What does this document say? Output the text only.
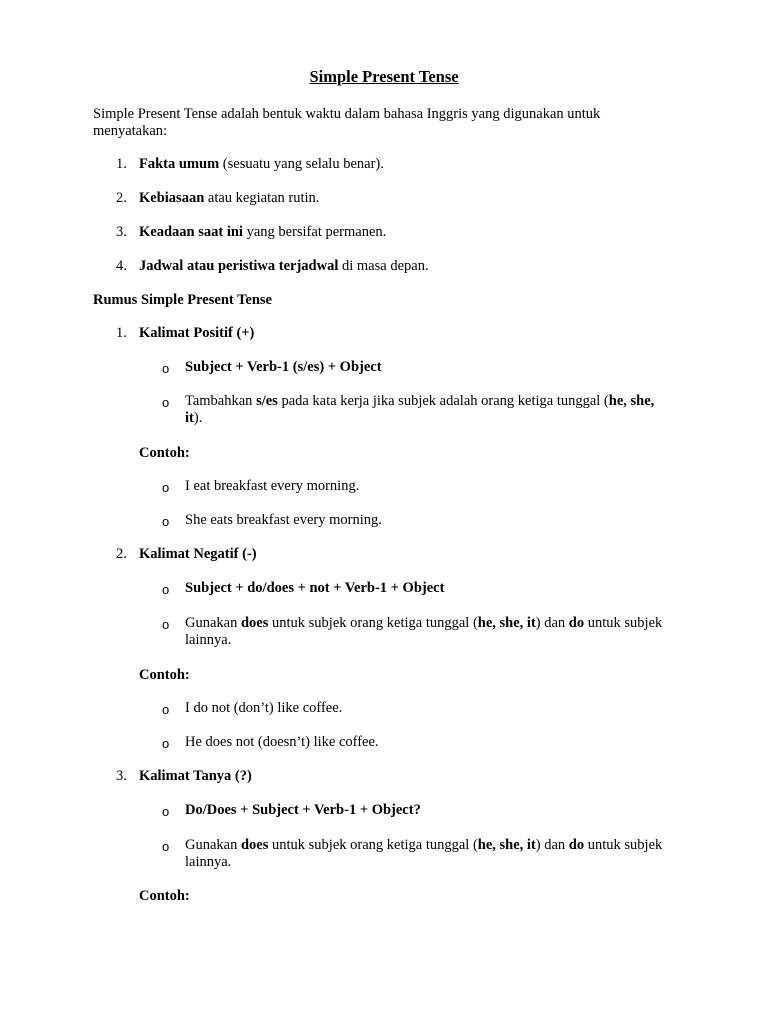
Simple Present Tense
Simple Present Tense adalah bentuk waktu dalam bahasa Inggris yang digunakan untuk menyatakan:
1. Fakta umum (sesuatu yang selalu benar).
2. Kebiasaan atau kegiatan rutin.
3. Keadaan saat ini yang bersifat permanen.
4. Jadwal atau peristiwa terjadwal di masa depan.
Rumus Simple Present Tense
1. Kalimat Positif (+)
o Subject + Verb-1 (s/es) + Object
o Tambahkan s/es pada kata kerja jika subjek adalah orang ketiga tunggal (he, she, it).
Contoh:
o I eat breakfast every morning.
o She eats breakfast every morning.
2. Kalimat Negatif (-)
o Subject + do/does + not + Verb-1 + Object
o Gunakan does untuk subjek orang ketiga tunggal (he, she, it) dan do untuk subjek lainnya.
Contoh:
o I do not (don’t) like coffee.
o He does not (doesn’t) like coffee.
3. Kalimat Tanya (?)
o Do/Does + Subject + Verb-1 + Object?
o Gunakan does untuk subjek orang ketiga tunggal (he, she, it) dan do untuk subjek lainnya.
Contoh:
